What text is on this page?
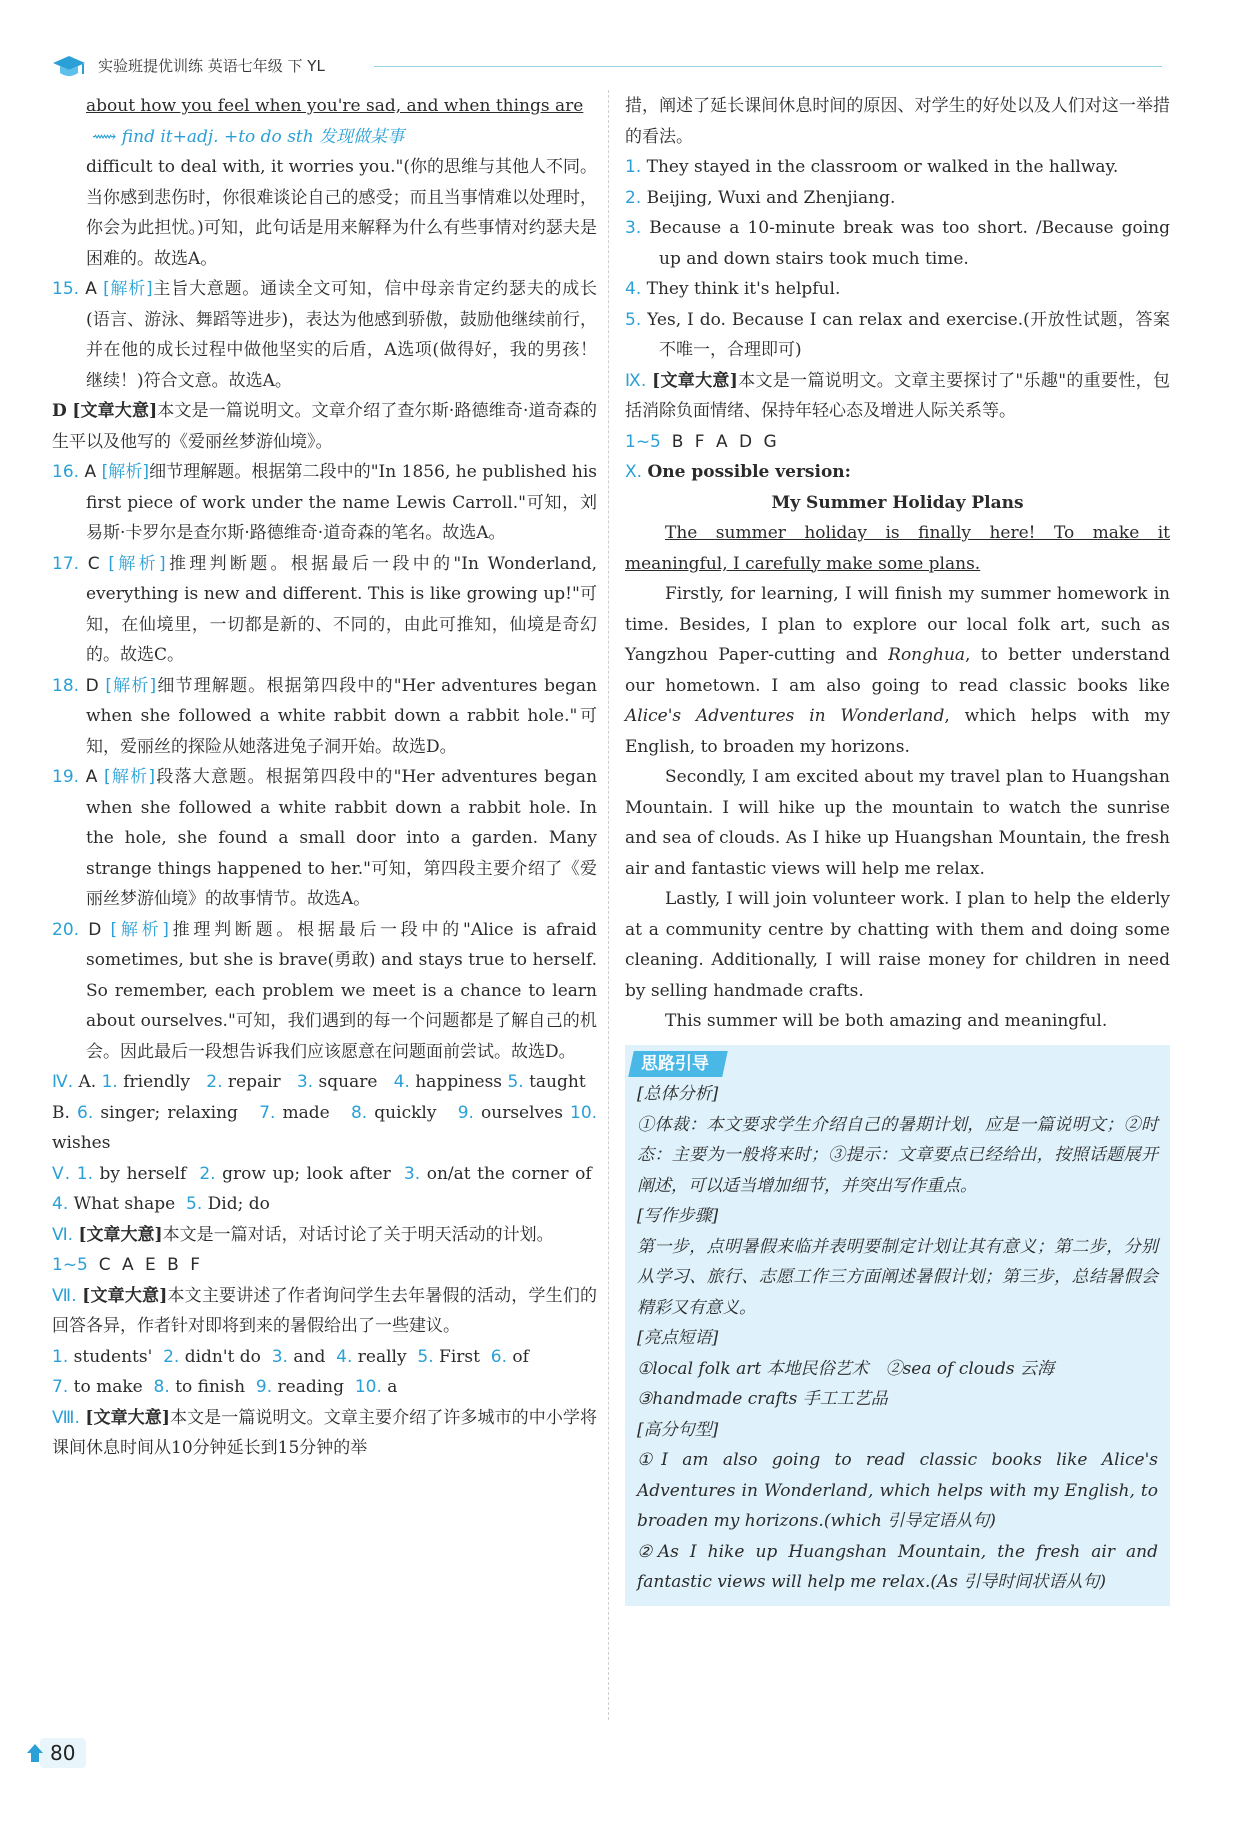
实验班提优训练 英语七年级 下 YL

about how you feel when you're sad, and when things are

⟿ find it+adj. +to do sth 发现做某事

difficult to deal with, it worries you."(你的思维与其他人不同。当你感到悲伤时，你很难谈论自己的感受；而且当事情难以处理时，你会为此担忧。)可知，此句话是用来解释为什么有些事情对约瑟夫是困难的。故选A。

15. A [解析]主旨大意题。通读全文可知，信中母亲肯定约瑟夫的成长(语言、游泳、舞蹈等进步)，表达为他感到骄傲，鼓励他继续前行，并在他的成长过程中做他坚实的后盾，A选项(做得好，我的男孩！继续！)符合文意。故选A。

D [文章大意]本文是一篇说明文。文章介绍了查尔斯·路德维奇·道奇森的生平以及他写的《爱丽丝梦游仙境》。

16. A [解析]细节理解题。根据第二段中的"In 1856, he published his first piece of work under the name Lewis Carroll."可知，刘易斯·卡罗尔是查尔斯·路德维奇·道奇森的笔名。故选A。

17. C [解析]推理判断题。根据最后一段中的"In Wonderland, everything is new and different. This is like growing up!"可知，在仙境里，一切都是新的、不同的，由此可推知，仙境是奇幻的。故选C。

18. D [解析]细节理解题。根据第四段中的"Her adventures began when she followed a white rabbit down a rabbit hole."可知，爱丽丝的探险从她落进兔子洞开始。故选D。

19. A [解析]段落大意题。根据第四段中的"Her adventures began when she followed a white rabbit down a rabbit hole. In the hole, she found a small door into a garden. Many strange things happened to her."可知，第四段主要介绍了《爱丽丝梦游仙境》的故事情节。故选A。

20. D [解析]推理判断题。根据最后一段中的"Alice is afraid sometimes, but she is brave(勇敢) and stays true to herself. So remember, each problem we meet is a chance to learn about ourselves."可知，我们遇到的每一个问题都是了解自己的机会。因此最后一段想告诉我们应该愿意在问题面前尝试。故选D。

Ⅳ. A. 1. friendly 2. repair 3. square 4. happiness 5. taught

B. 6. singer; relaxing 7. made 8. quickly 9. ourselves 10. wishes

Ⅴ. 1. by herself 2. grow up; look after 3. on/at the corner of  4. What shape 5. Did; do

Ⅵ. [文章大意]本文是一篇对话，对话讨论了关于明天活动的计划。

1~5 C A E B F

Ⅶ. [文章大意]本文主要讲述了作者询问学生去年暑假的活动，学生们的回答各异，作者针对即将到来的暑假给出了一些建议。

1. students' 2. didn't do 3. and 4. really 5. First 6. of

7. to make 8. to finish 9. reading 10. a

Ⅷ. [文章大意]本文是一篇说明文。文章主要介绍了许多城市的中小学将课间休息时间从10分钟延长到15分钟的举

措，阐述了延长课间休息时间的原因、对学生的好处以及人们对这一举措的看法。

1. They stayed in the classroom or walked in the hallway.

2. Beijing, Wuxi and Zhenjiang.

3. Because a 10-minute break was too short. /Because going up and down stairs took much time.

4. They think it's helpful.

5. Yes, I do. Because I can relax and exercise.(开放性试题，答案不唯一，合理即可)

Ⅸ. [文章大意]本文是一篇说明文。文章主要探讨了"乐趣"的重要性，包括消除负面情绪、保持年轻心态及增进人际关系等。

1~5 B F A D G

Ⅹ. One possible version:

My Summer Holiday Plans

The summer holiday is finally here! To make it meaningful, I carefully make some plans.

Firstly, for learning, I will finish my summer homework in time. Besides, I plan to explore our local folk art, such as Yangzhou Paper-cutting and Ronghua, to better understand our hometown. I am also going to read classic books like Alice's Adventures in Wonderland, which helps with my English, to broaden my horizons.

Secondly, I am excited about my travel plan to Huangshan Mountain. I will hike up the mountain to watch the sunrise and sea of clouds. As I hike up Huangshan Mountain, the fresh air and fantastic views will help me relax.

Lastly, I will join volunteer work. I plan to help the elderly at a community centre by chatting with them and doing some cleaning. Additionally, I will raise money for children in need by selling handmade crafts.

This summer will be both amazing and meaningful.

思路引导

[总体分析]

①体裁：本文要求学生介绍自己的暑期计划，应是一篇说明文；②时态：主要为一般将来时；③提示：文章要点已经给出，按照话题展开阐述，可以适当增加细节，并突出写作重点。

[写作步骤]

第一步，点明暑假来临并表明要制定计划让其有意义；第二步，分别从学习、旅行、志愿工作三方面阐述暑假计划；第三步，总结暑假会精彩又有意义。

[亮点短语]

①local folk art 本地民俗艺术　②sea of clouds 云海

③handmade crafts 手工工艺品

[高分句型]

①I am also going to read classic books like Alice's Adventures in Wonderland, which helps with my English, to broaden my horizons.(which 引导定语从句)

②As I hike up Huangshan Mountain, the fresh air and fantastic views will help me relax.(As 引导时间状语从句)

80
